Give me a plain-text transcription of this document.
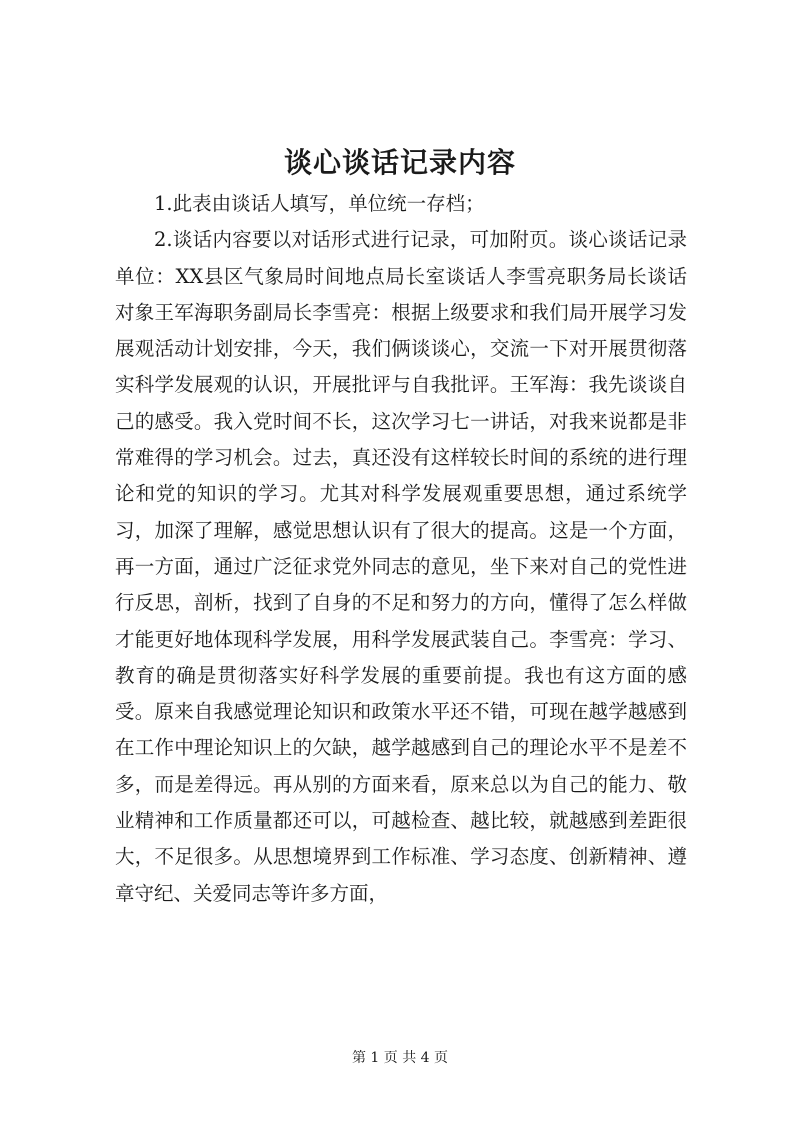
谈心谈话记录内容

1.此表由谈话人填写，单位统一存档；

2.谈话内容要以对话形式进行记录，可加附页。谈心谈话记录单位：XX县区气象局时间地点局长室谈话人李雪亮职务局长谈话对象王军海职务副局长李雪亮：根据上级要求和我们局开展学习发展观活动计划安排，今天，我们俩谈谈心，交流一下对开展贯彻落实科学发展观的认识，开展批评与自我批评。王军海：我先谈谈自己的感受。我入党时间不长，这次学习七一讲话，对我来说都是非常难得的学习机会。过去，真还没有这样较长时间的系统的进行理论和党的知识的学习。尤其对科学发展观重要思想，通过系统学习，加深了理解，感觉思想认识有了很大的提高。这是一个方面，再一方面，通过广泛征求党外同志的意见，坐下来对自己的党性进行反思，剖析，找到了自身的不足和努力的方向，懂得了怎么样做才能更好地体现科学发展，用科学发展武装自己。李雪亮：学习、教育的确是贯彻落实好科学发展的重要前提。我也有这方面的感受。原来自我感觉理论知识和政策水平还不错，可现在越学越感到在工作中理论知识上的欠缺，越学越感到自己的理论水平不是差不多，而是差得远。再从别的方面来看，原来总以为自己的能力、敬业精神和工作质量都还可以，可越检查、越比较，就越感到差距很大，不足很多。从思想境界到工作标准、学习态度、创新精神、遵章守纪、关爱同志等许多方面，

第 1 页 共 4 页
